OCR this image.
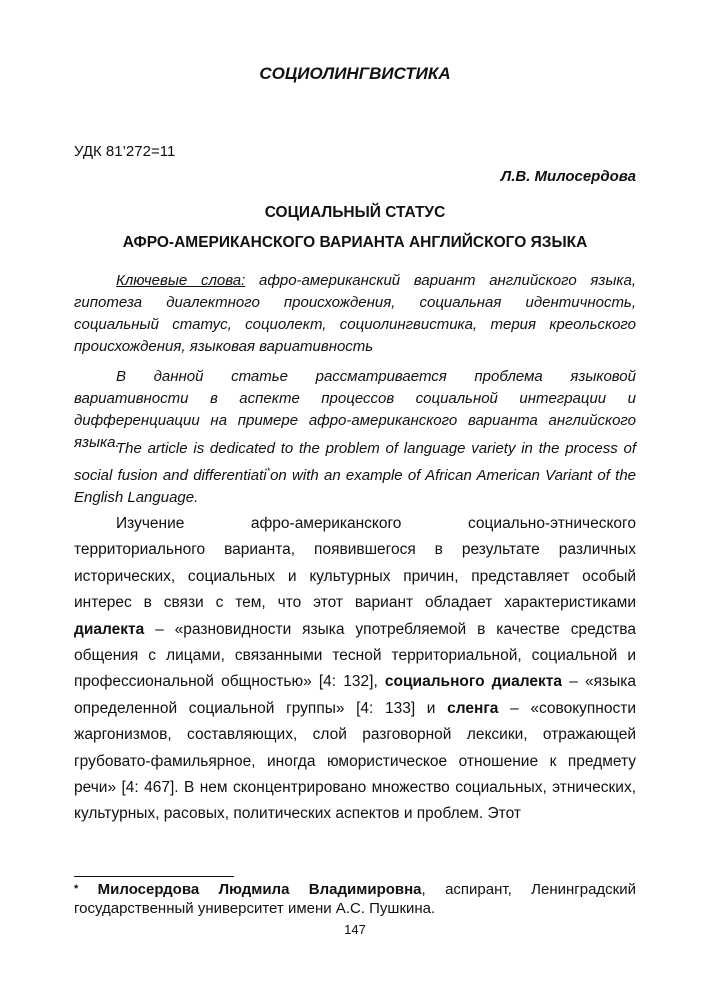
СОЦИОЛИНГВИСТИКА
УДК 81’272=11
Л.В. Милосердова
СОЦИАЛЬНЫЙ СТАТУС
АФРО-АМЕРИКАНСКОГО ВАРИАНТА АНГЛИЙСКОГО ЯЗЫКА

Ключевые слова: афро-американский вариант английского языка, гипотеза диалектного происхождения, социальная идентичность, социальный статус, социолект, социолингвистика, терия креольского происхождения, языковая вариативность

В данной статье рассматривается проблема языковой вариативности в аспекте процессов социальной интеграции и дифференциации на примере афро-американского варианта английского языка.

The article is dedicated to the problem of language variety in the process of social fusion and differentiati*on with an example of African American Variant of the English Language.

Изучение афро-американского социально-этнического территориального варианта, появившегося в результате различных исторических, социальных и культурных причин, представляет особый интерес в связи с тем, что этот вариант обладает характеристиками диалекта – «разновидности языка употребляемой в качестве средства общения с лицами, связанными тесной территориальной, социальной и профессиональной общностью» [4: 132], социального диалекта – «языка определенной социальной группы» [4: 133] и сленга – «совокупности жаргонизмов, составляющих, слой разговорной лексики, отражающей грубовато-фамильярное, иногда юмористическое отношение к предмету речи» [4: 467]. В нем сконцентрировано множество социальных, этнических, культурных, расовых, политических аспектов и проблем. Этот

* Милосердова Людмила Владимировна, аспирант, Ленинградский государственный университет имени А.С. Пушкина.

147
